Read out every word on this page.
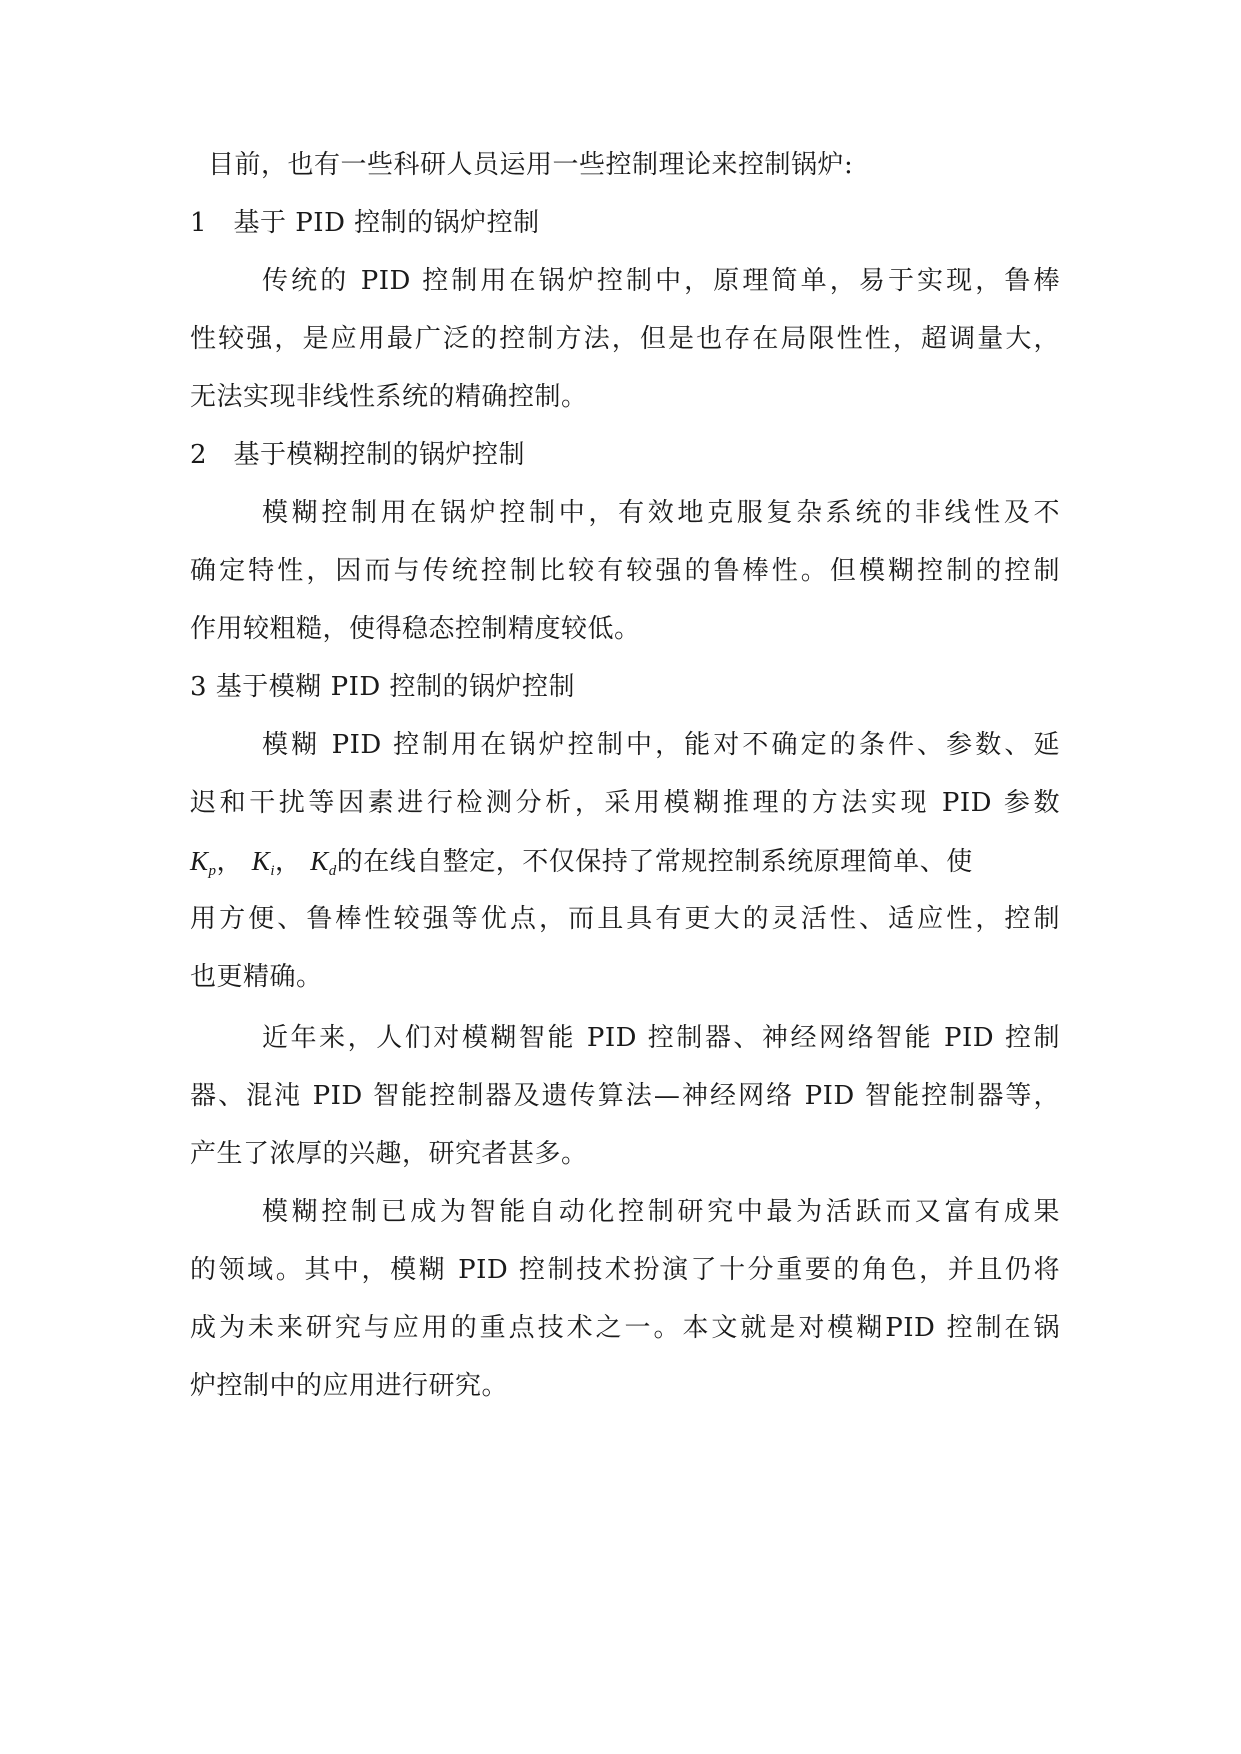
目前，也有一些科研人员运用一些控制理论来控制锅炉:
1　基于 PID 控制的锅炉控制
传统的 PID 控制用在锅炉控制中，原理简单，易于实现，鲁棒
性较强，是应用最广泛的控制方法，但是也存在局限性性，超调量大，
无法实现非线性系统的精确控制。
2　基于模糊控制的锅炉控制
模糊控制用在锅炉控制中，有效地克服复杂系统的非线性及不
确定特性，因而与传统控制比较有较强的鲁棒性。但模糊控制的控制
作用较粗糙，使得稳态控制精度较低。
3 基于模糊 PID 控制的锅炉控制
模糊 PID 控制用在锅炉控制中，能对不确定的条件、参数、延
迟和干扰等因素进行检测分析，采用模糊推理的方法实现 PID 参数
$K_p$， $K_i$， $K_d$的在线自整定，不仅保持了常规控制系统原理简单、使
用方便、鲁棒性较强等优点，而且具有更大的灵活性、适应性，控制
也更精确。
近年来，人们对模糊智能 PID 控制器、神经网络智能 PID 控制
器、混沌 PID 智能控制器及遗传算法—神经网络 PID 智能控制器等，
产生了浓厚的兴趣，研究者甚多。
模糊控制已成为智能自动化控制研究中最为活跃而又富有成果
的领域。其中，模糊 PID 控制技术扮演了十分重要的角色，并且仍将
成为未来研究与应用的重点技术之一。本文就是对模糊PID 控制在锅
炉控制中的应用进行研究。
